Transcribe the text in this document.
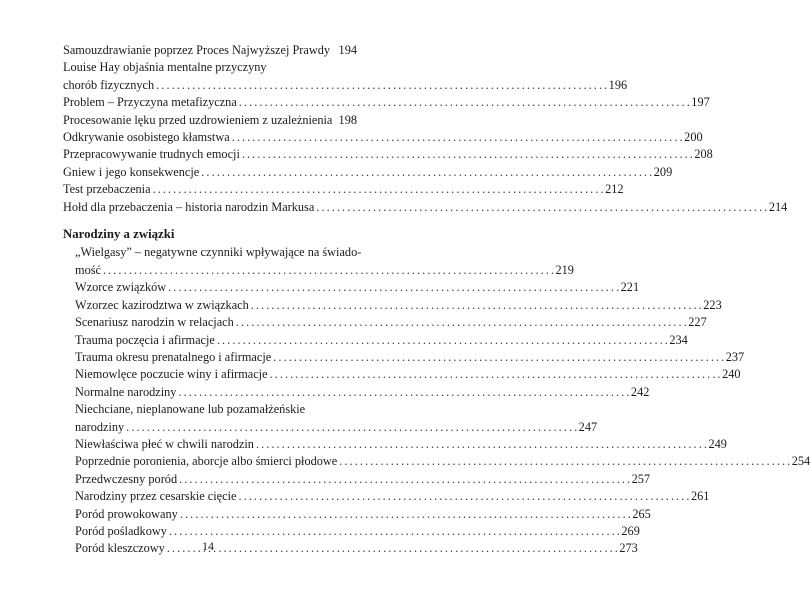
Samouzdrawianie poprzez Proces Najwyższej Prawdy 194
Louise Hay objaśnia mentalne przyczyny
chorób fizycznych . . .	196
Problem – Przyczyna metafizyczna . . .	197
Procesowanie lęku przed uzdrowieniem z uzależnienia 198
Odkrywanie osobistego kłamstwa . . .	200
Przepracowywanie trudnych emocji . . .	208
Gniew i jego konsekwencje . . .	209
Test przebaczenia . . .	212
Hołd dla przebaczenia – historia narodzin Markusa . . .	214
Narodziny a związki
„Wielgasy” – negatywne czynniki wpływające na świado-
mość . . .	219
Wzorce związków . . .	221
Wzorzec kazirodztwa w związkach . . .	223
Scenariusz narodzin w relacjach . . .	227
Trauma poczęcia i afirmacje . . .	234
Trauma okresu prenatalnego i afirmacje . . .	237
Niemowlęce poczucie winy i afirmacje . . .	240
Normalne narodziny . . .	242
Niechciane, nieplanowane lub pozamałżeńskie
narodziny . . .	247
Niewłaściwa płeć w chwili narodzin . . .	249
Poprzednie poronienia, aborcje albo śmierci płodowe . . .	254
Przedwczesny poród . . .	257
Narodziny przez cesarskie cięcie . . .	261
Poród prowokowany . . .	265
Poród pośladkowy . . .	269
Poród kleszczowy . . .	273
14
